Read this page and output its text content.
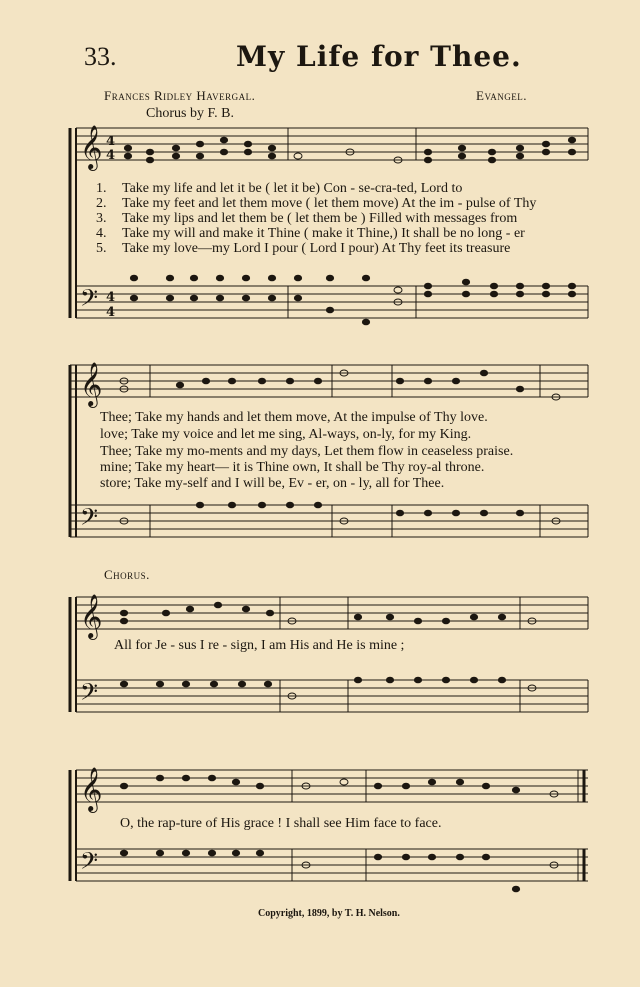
33.	My Life for Thee.
Frances Ridley Havergal.
Chorus by F. B.
Evangel.
𝄞
𝄢
4
4
4
4
𝄞
𝄢
𝄞
𝄢
𝄞
𝄢
1.	Take my life and let it be ( let it be) Con - se-cra-ted, Lord to
2.	Take my feet and let them move ( let them move) At the im - pulse of Thy
3.	Take my lips and let them be ( let them be ) Filled with messages from
4.	Take my will and make it Thine ( make it Thine,) It shall be no long - er
5.	Take my love—my Lord I pour ( Lord I pour) At Thy feet its treasure
Thee; Take my hands and let them move, At the impulse of Thy love.
love; Take my voice and let me sing, Al-ways, on-ly, for my King.
Thee; Take my mo-ments and my days, Let them flow in ceaseless praise.
mine; Take my heart— it is Thine own, It shall be Thy roy-al throne.
store; Take my-self and I will be, Ev - er, on - ly, all for Thee.
Chorus.
All for Je - sus I re - sign, I am His and He is mine ;
O, the rap-ture of His grace ! I shall see Him face to face.
Copyright, 1899, by T. H. Nelson.
